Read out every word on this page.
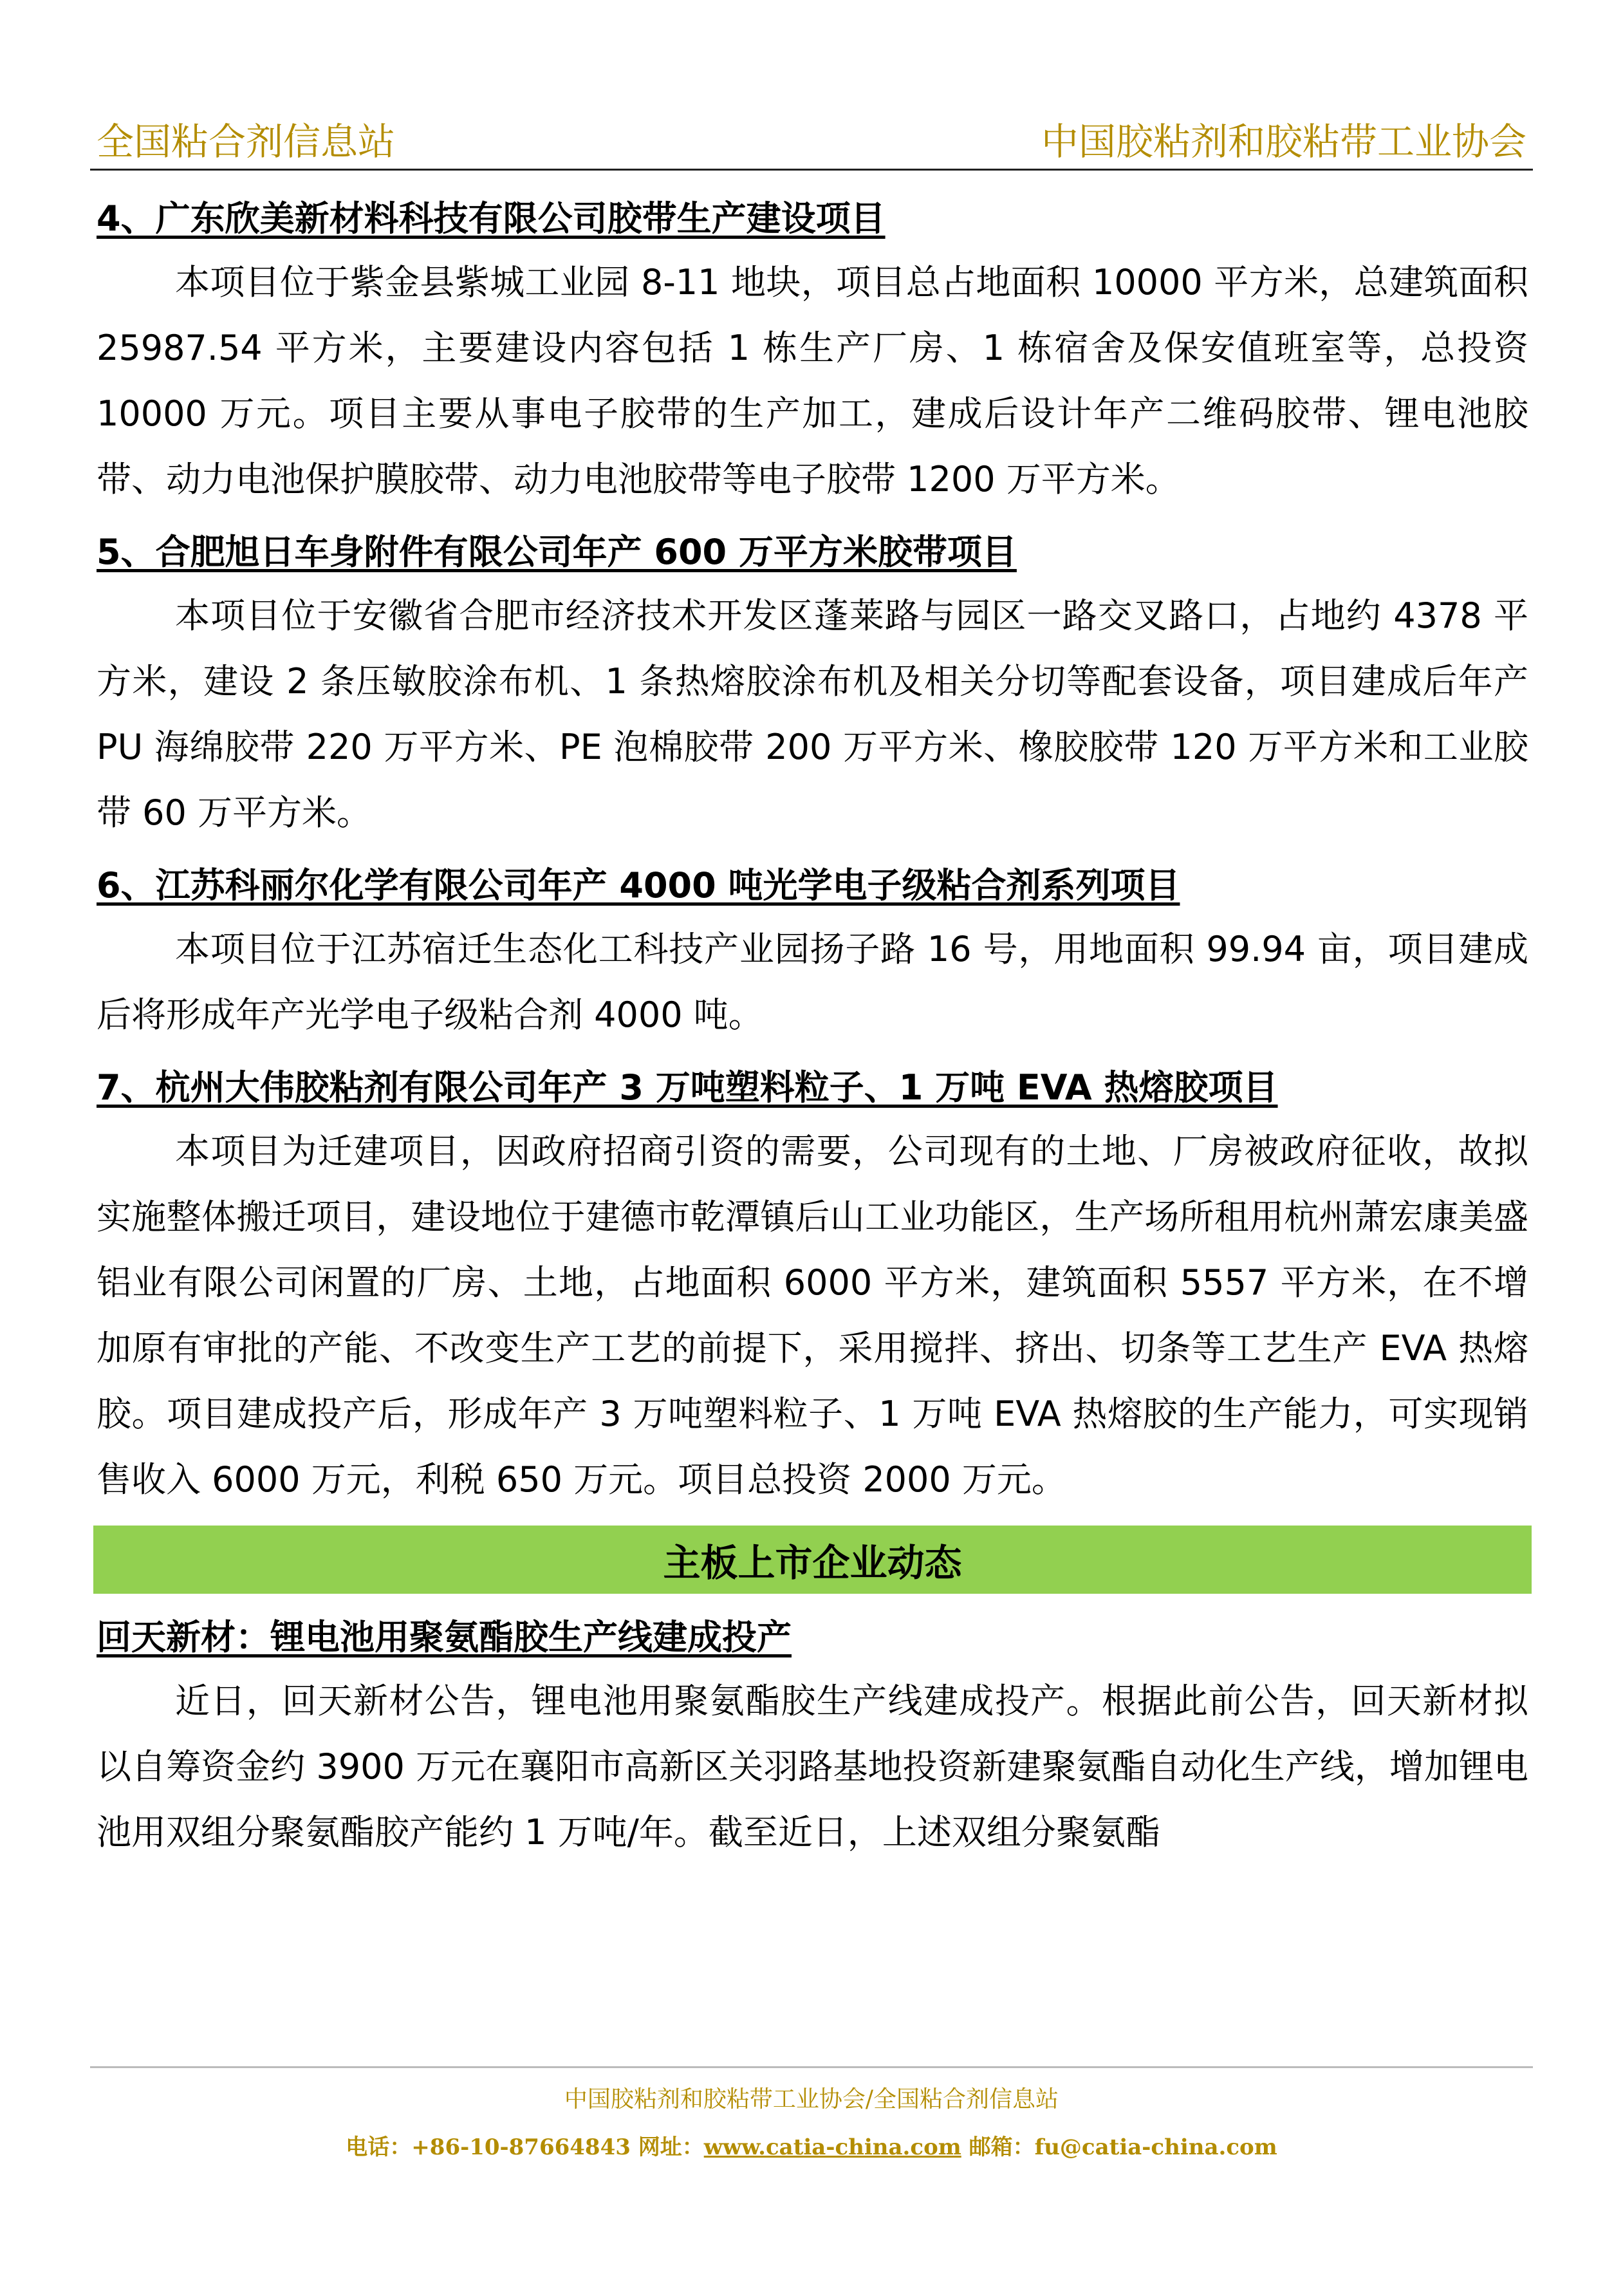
全国粘合剂信息站	中国胶粘剂和胶粘带工业协会

4、广东欣美新材料科技有限公司胶带生产建设项目

本项目位于紫金县紫城工业园 8-11 地块，项目总占地面积 10000 平方米，总建筑面积 25987.54 平方米，主要建设内容包括 1 栋生产厂房、1 栋宿舍及保安值班室等，总投资 10000 万元。项目主要从事电子胶带的生产加工，建成后设计年产二维码胶带、锂电池胶带、动力电池保护膜胶带、动力电池胶带等电子胶带 1200 万平方米。

5、合肥旭日车身附件有限公司年产 600 万平方米胶带项目

本项目位于安徽省合肥市经济技术开发区蓬莱路与园区一路交叉路口，占地约 4378 平方米，建设 2 条压敏胶涂布机、1 条热熔胶涂布机及相关分切等配套设备，项目建成后年产 PU 海绵胶带 220 万平方米、PE 泡棉胶带 200 万平方米、橡胶胶带 120 万平方米和工业胶带 60 万平方米。

6、江苏科丽尔化学有限公司年产 4000 吨光学电子级粘合剂系列项目

本项目位于江苏宿迁生态化工科技产业园扬子路 16 号，用地面积 99.94 亩，项目建成后将形成年产光学电子级粘合剂 4000 吨。

7、杭州大伟胶粘剂有限公司年产 3 万吨塑料粒子、1 万吨 EVA 热熔胶项目

本项目为迁建项目，因政府招商引资的需要，公司现有的土地、厂房被政府征收，故拟实施整体搬迁项目，建设地位于建德市乾潭镇后山工业功能区，生产场所租用杭州萧宏康美盛铝业有限公司闲置的厂房、土地，占地面积 6000 平方米，建筑面积 5557 平方米，在不增加原有审批的产能、不改变生产工艺的前提下，采用搅拌、挤出、切条等工艺生产 EVA 热熔胶。项目建成投产后，形成年产 3 万吨塑料粒子、1 万吨 EVA 热熔胶的生产能力，可实现销售收入 6000 万元，利税 650 万元。项目总投资 2000 万元。

主板上市企业动态

回天新材：锂电池用聚氨酯胶生产线建成投产

近日，回天新材公告，锂电池用聚氨酯胶生产线建成投产。根据此前公告，回天新材拟以自筹资金约 3900 万元在襄阳市高新区关羽路基地投资新建聚氨酯自动化生产线，增加锂电池用双组分聚氨酯胶产能约 1 万吨/年。截至近日，上述双组分聚氨酯

中国胶粘剂和胶粘带工业协会/全国粘合剂信息站
电话：+86-10-87664843 网址：www.catia-china.com 邮箱：fu@catia-china.com
